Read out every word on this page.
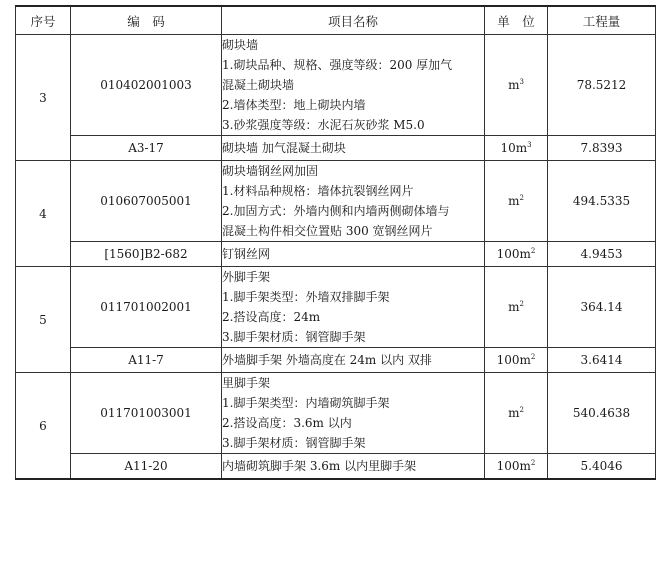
序号	编　码	项目名称	单　位	工程量
3	010402001003	砌块墙
1.砌块品种、规格、强度等级：200 厚加气
混凝土砌块墙
2.墙体类型：地上砌块内墙
3.砂浆强度等级：水泥石灰砂浆 M5.0	$m^3$	78.5212
	A3-17	砌块墙 加气混凝土砌块	$10m^3$	7.8393
4	010607005001	砌块墙钢丝网加固
1.材料品种规格：墙体抗裂钢丝网片
2.加固方式：外墙内侧和内墙两侧砌体墙与
混凝土构件相交位置贴 300 宽钢丝网片	$m^2$	494.5335
	[1560]B2-682	钉钢丝网	$100m^2$	4.9453
5	011701002001	外脚手架
1.脚手架类型：外墙双排脚手架
2.搭设高度：24m
3.脚手架材质：钢管脚手架	$m^2$	364.14
	A11-7	外墙脚手架 外墙高度在 24m 以内 双排	$100m^2$	3.6414
6	011701003001	里脚手架
1.脚手架类型：内墙砌筑脚手架
2.搭设高度：3.6m 以内
3.脚手架材质：钢管脚手架	$m^2$	540.4638
	A11-20	内墙砌筑脚手架 3.6m 以内里脚手架	$100m^2$	5.4046
